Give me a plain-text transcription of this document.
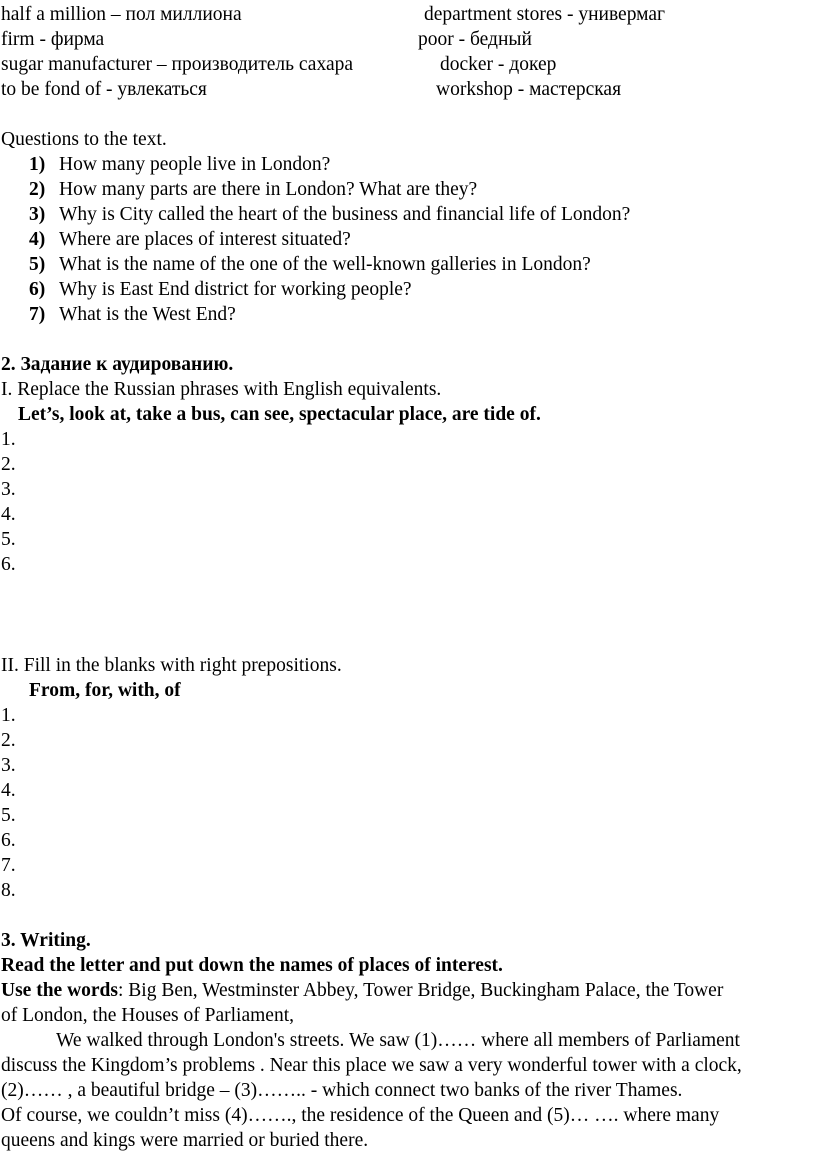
half a million – пол миллиона
firm - фирма
sugar manufacturer – производитель сахара
to be fond of - увлекаться
department stores - универмаг
poor - бедный
docker - докер
workshop - мастерская
Questions to the text.
1) How many people live in London?
2) How many parts are there in London? What are they?
3) Why is City called the heart of the business and financial life of London?
4) Where are places of interest situated?
5) What is the name of the one of the well-known galleries in London?
6) Why is East End district for working people?
7) What is the West End?
2. Задание к аудированию.
I. Replace the Russian phrases with English equivalents.
Let’s, look at, take a bus, can see, spectacular place, are tide of.
1.
2.
3.
4.
5.
6.
II. Fill in the blanks with right prepositions.
From, for, with, of
1.
2.
3.
4.
5.
6.
7.
8.
3. Writing.
Read the letter and put down the names of places of interest.
Use the words: Big Ben, Westminster Abbey, Tower Bridge, Buckingham Palace, the Tower
of London, the Houses of Parliament,
We walked through London's streets. We saw (1)…… where all members of Parliament
discuss the Kingdom’s problems . Near this place we saw a very wonderful tower with a clock,
(2)…… , a beautiful bridge – (3)…….. - which connect two banks of the river Thames.
Of course, we couldn’t miss (4)……., the residence of the Queen and (5)… …. where many
queens and kings were married or buried there.
